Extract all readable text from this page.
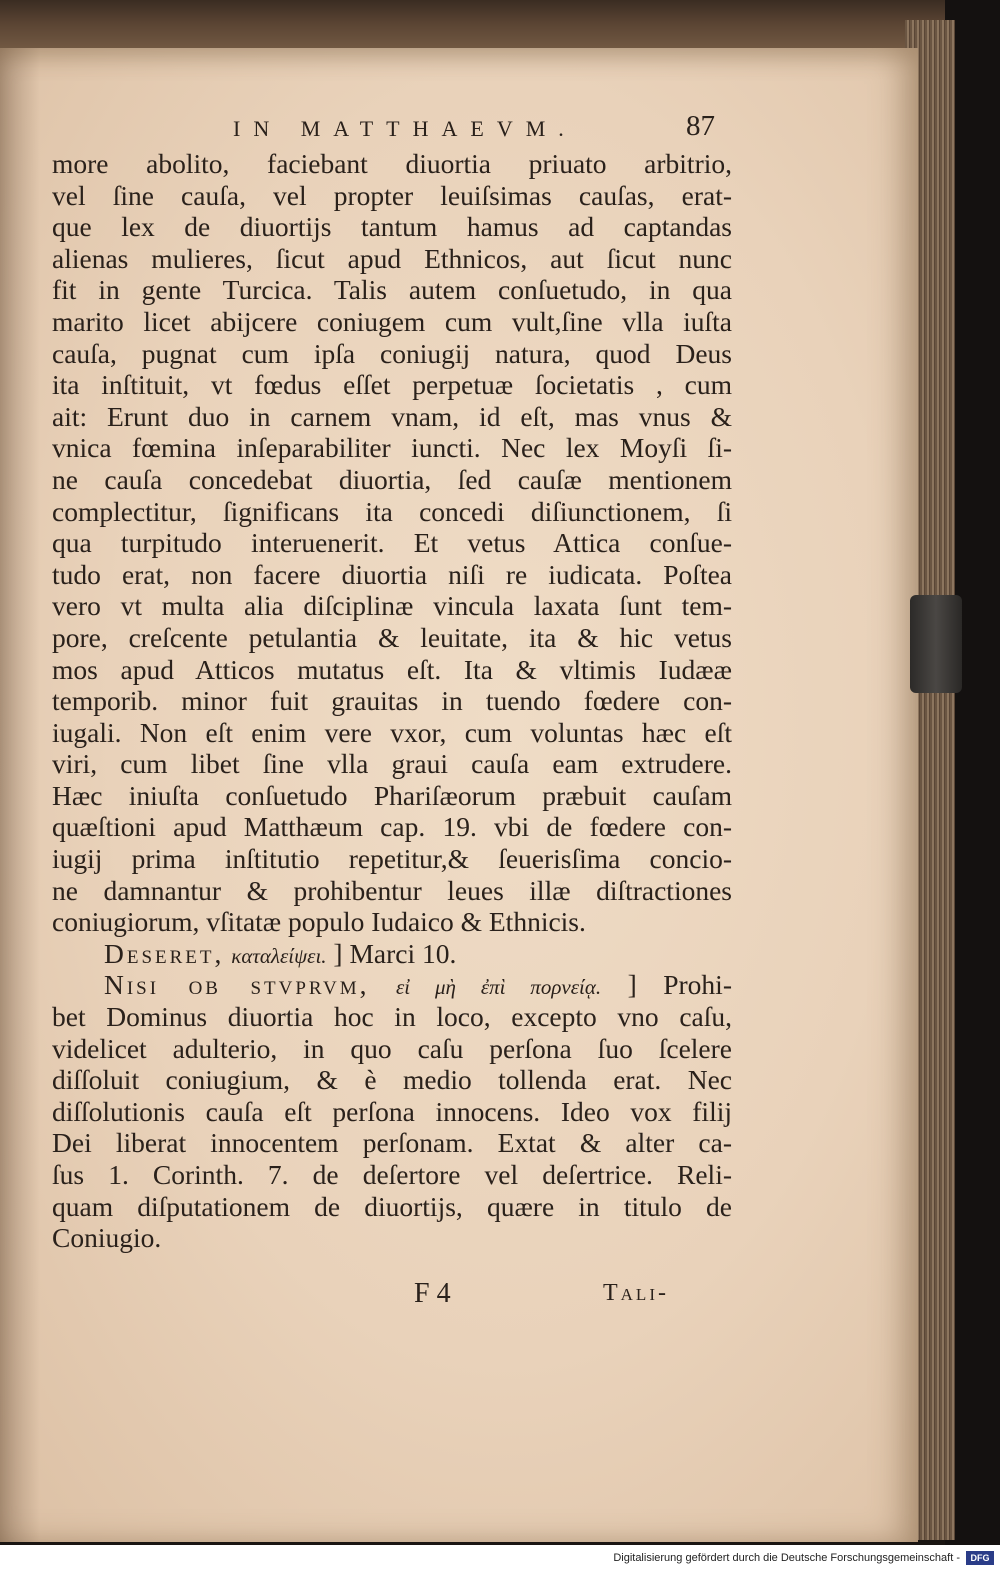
IN MATTHAEVM.	87
more abolito, faciebant diuortia priuato arbitrio,
vel ſine cauſa, vel propter leuiſsimas cauſas, erat-
que lex de diuortijs tantum hamus ad captandas
alienas mulieres, ſicut apud Ethnicos, aut ſicut nunc
fit in gente Turcica. Talis autem conſuetudo, in qua
marito licet abijcere coniugem cum vult,ſine vlla iuſta
cauſa, pugnat cum ipſa coniugij natura, quod Deus
ita inſtituit, vt fœdus eſſet perpetuæ ſocietatis , cum
ait: Erunt duo in carnem vnam, id eſt, mas vnus &
vnica fœmina inſeparabiliter iuncti. Nec lex Moyſi ſi-
ne cauſa concedebat diuortia, ſed cauſæ mentionem
complectitur, ſignificans ita concedi diſiunctionem, ſi
qua turpitudo interuenerit. Et vetus Attica conſue-
tudo erat, non facere diuortia niſi re iudicata. Poſtea
vero vt multa alia diſciplinæ vincula laxata ſunt tem-
pore, creſcente petulantia & leuitate, ita & hic vetus
mos apud Atticos mutatus eſt. Ita & vltimis Iudææ
temporib. minor fuit grauitas in tuendo fœdere con-
iugali. Non eſt enim vere vxor, cum voluntas hæc eſt
viri, cum libet ſine vlla graui cauſa eam extrudere.
Hæc iniuſta conſuetudo Phariſæorum præbuit cauſam
quæſtioni apud Matthæum cap. 19. vbi de fœdere con-
iugij prima inſtitutio repetitur,& ſeuerisſima concio-
ne damnantur & prohibentur leues illæ diſtractiones
coniugiorum, vſitatæ populo Iudaico & Ethnicis.
Deseret, καταλείψει. ] Marci 10.
Nisi ob stvprvm, εἰ μὴ ἐπὶ πορνείᾳ. ] Prohi-
bet Dominus diuortia hoc in loco, excepto vno caſu,
videlicet adulterio, in quo caſu perſona ſuo ſcelere
diſſoluit coniugium, & è medio tollenda erat. Nec
diſſolutionis cauſa eſt perſona innocens. Ideo vox filij
Dei liberat innocentem perſonam. Extat & alter ca-
ſus 1. Corinth. 7. de deſertore vel deſertrice. Reli-
quam diſputationem de diuortijs, quære in titulo de
Coniugio.
F 4	Tali-
Digitalisierung gefördert durch die Deutsche Forschungsgemeinschaft -	DFG
